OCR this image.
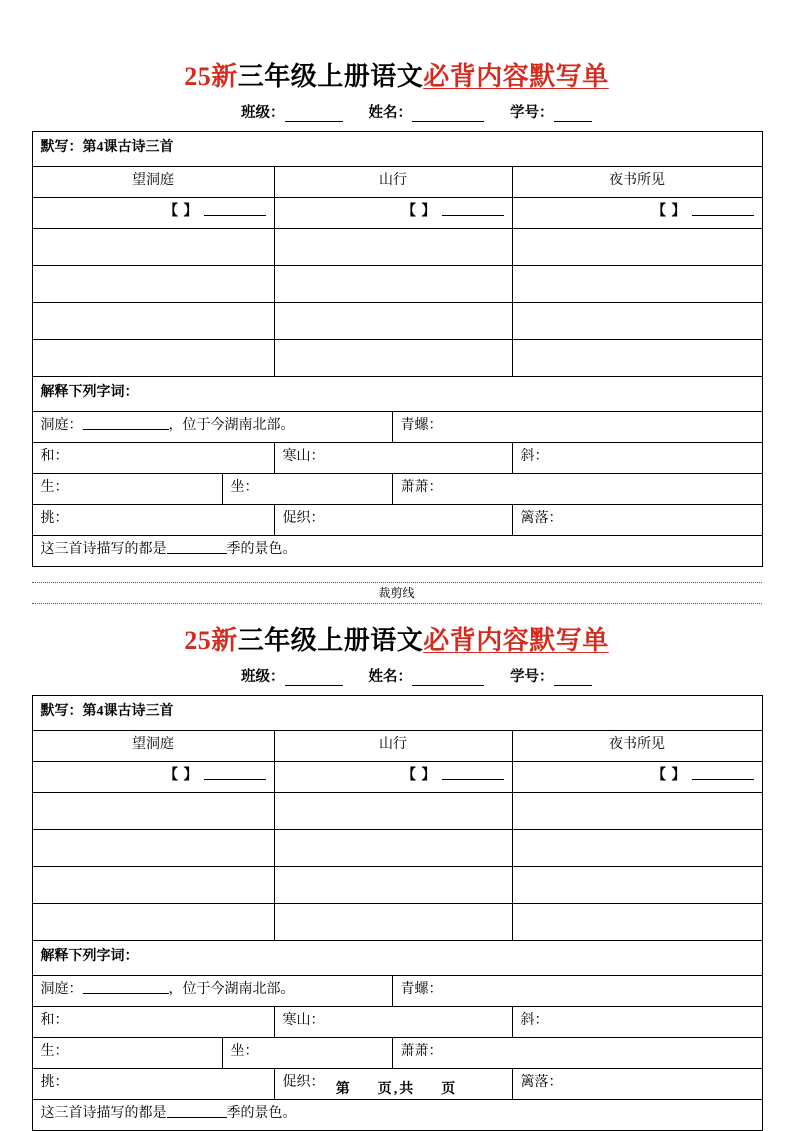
25新三年级上册语文必背内容默写单
班级：	姓名：	学号：
默写：第4课古诗三首				
望洞庭		山行		夜书所见
【 】		【 】		【 】

解释下列字词：				
洞庭： ，位于今湖南北部。			青螺：	
和：		寒山：		斜：
生：	坐：		萧萧：	
挑：		促织：		篱落：
这三首诗描写的都是 季的景色。				
裁剪线
25新三年级上册语文必背内容默写单
班级：	姓名：	学号：
默写：第4课古诗三首				
望洞庭		山行		夜书所见
【 】		【 】		【 】

解释下列字词：				
洞庭： ，位于今湖南北部。			青螺：	
和：		寒山：		斜：
生：	坐：		萧萧：	
挑：		促织：		篱落：
这三首诗描写的都是 季的景色。				
第 页,共 页
